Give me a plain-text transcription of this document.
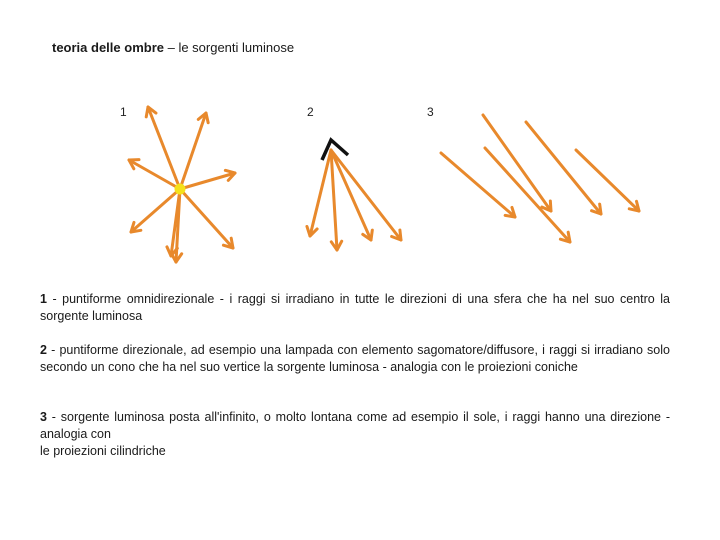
teoria delle ombre – le sorgenti luminose
1	2	3
1 - puntiforme omnidirezionale - i raggi si irradiano in tutte le direzioni di una sfera che ha nel suo centro la sorgente luminosa
2 - puntiforme direzionale, ad esempio una lampada con elemento sagomatore/diffusore, i raggi si irradiano solo secondo un cono che ha nel suo vertice la sorgente luminosa - analogia con le proiezioni coniche
3 - sorgente luminosa posta all'infinito, o molto lontana come ad esempio il sole, i raggi hanno una direzione - analogia con
le proiezioni cilindriche
